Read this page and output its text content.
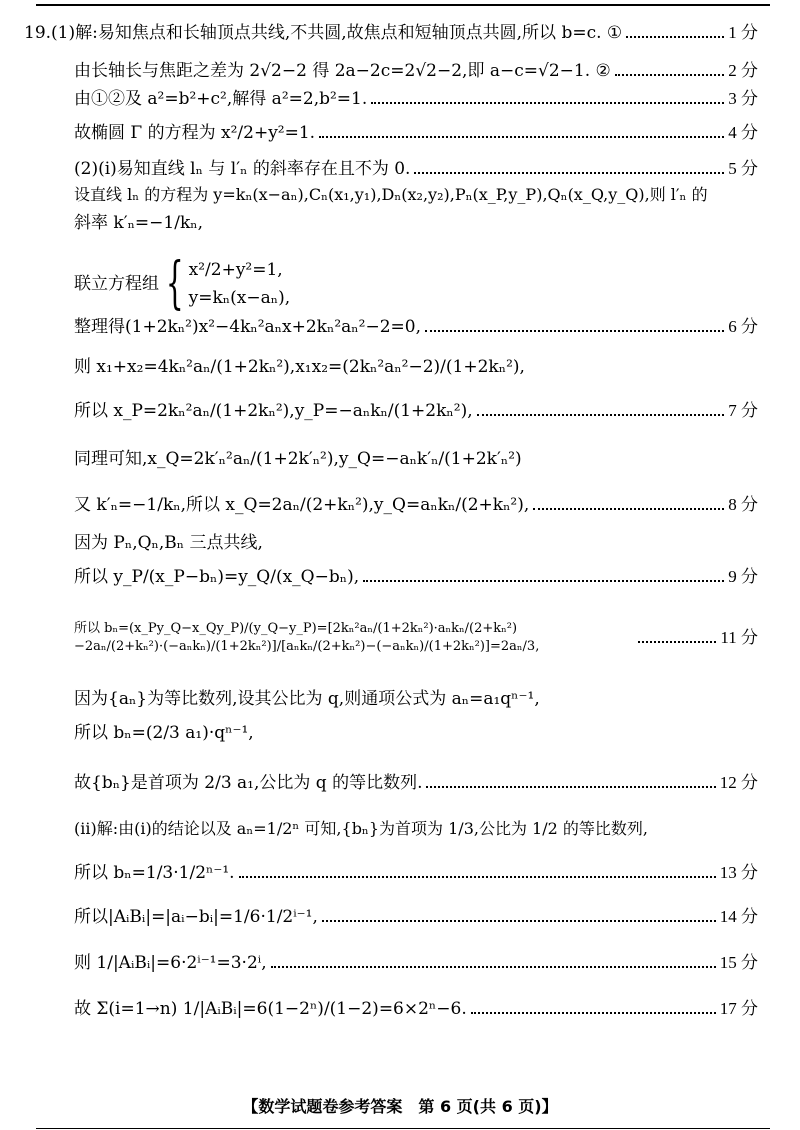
19.(1)解:易知焦点和长轴顶点共线,不共圆,故焦点和短轴顶点共圆,所以 b=c. ①	1 分
由长轴长与焦距之差为 2√2−2 得 2a−2c=2√2−2,即 a−c=√2−1. ②	2 分
由①②及 a²=b²+c²,解得 a²=2,b²=1.	3 分
故椭圆 Γ 的方程为 x²/2+y²=1.	4 分
(2)(ⅰ)易知直线 lₙ 与 l′ₙ 的斜率存在且不为 0.	5 分
设直线 lₙ 的方程为 y=kₙ(x−aₙ),Cₙ(x₁,y₁),Dₙ(x₂,y₂),Pₙ(x_P,y_P),Qₙ(x_Q,y_Q),则 l′ₙ 的
斜率 k′ₙ=−1/kₙ,
联立方程组 { x²/2+y²=1,
y=kₙ(x−aₙ),
整理得(1+2kₙ²)x²−4kₙ²aₙx+2kₙ²aₙ²−2=0,	6 分
则 x₁+x₂=4kₙ²aₙ/(1+2kₙ²),x₁x₂=(2kₙ²aₙ²−2)/(1+2kₙ²),
所以 x_P=2kₙ²aₙ/(1+2kₙ²),y_P=−aₙkₙ/(1+2kₙ²),	7 分
同理可知,x_Q=2k′ₙ²aₙ/(1+2k′ₙ²),y_Q=−aₙk′ₙ/(1+2k′ₙ²)
又 k′ₙ=−1/kₙ,所以 x_Q=2aₙ/(2+kₙ²),y_Q=aₙkₙ/(2+kₙ²),	8 分
因为 Pₙ,Qₙ,Bₙ 三点共线,
所以 y_P/(x_P−bₙ)=y_Q/(x_Q−bₙ),	9 分
所以 bₙ=(x_Py_Q−x_Qy_P)/(y_Q−y_P)=[2kₙ²aₙ/(1+2kₙ²)·aₙkₙ/(2+kₙ²)−2aₙ/(2+kₙ²)·(−aₙkₙ)/(1+2kₙ²)]/[aₙkₙ/(2+kₙ²)−(−aₙkₙ)/(1+2kₙ²)]=2aₙ/3,	11 分
因为{aₙ}为等比数列,设其公比为 q,则通项公式为 aₙ=a₁qⁿ⁻¹,
所以 bₙ=(2/3 a₁)·qⁿ⁻¹,
故{bₙ}是首项为 2/3 a₁,公比为 q 的等比数列.	12 分
(ⅱ)解:由(ⅰ)的结论以及 aₙ=1/2ⁿ 可知,{bₙ}为首项为 1/3,公比为 1/2 的等比数列,
所以 bₙ=1/3·1/2ⁿ⁻¹.	13 分
所以|AᵢBᵢ|=|aᵢ−bᵢ|=1/6·1/2ⁱ⁻¹,	14 分
则 1/|AᵢBᵢ|=6·2ⁱ⁻¹=3·2ⁱ,	15 分
故 Σ(i=1→n) 1/|AᵢBᵢ|=6(1−2ⁿ)/(1−2)=6×2ⁿ−6.	17 分
【数学试题卷参考答案　第 6 页(共 6 页)】
